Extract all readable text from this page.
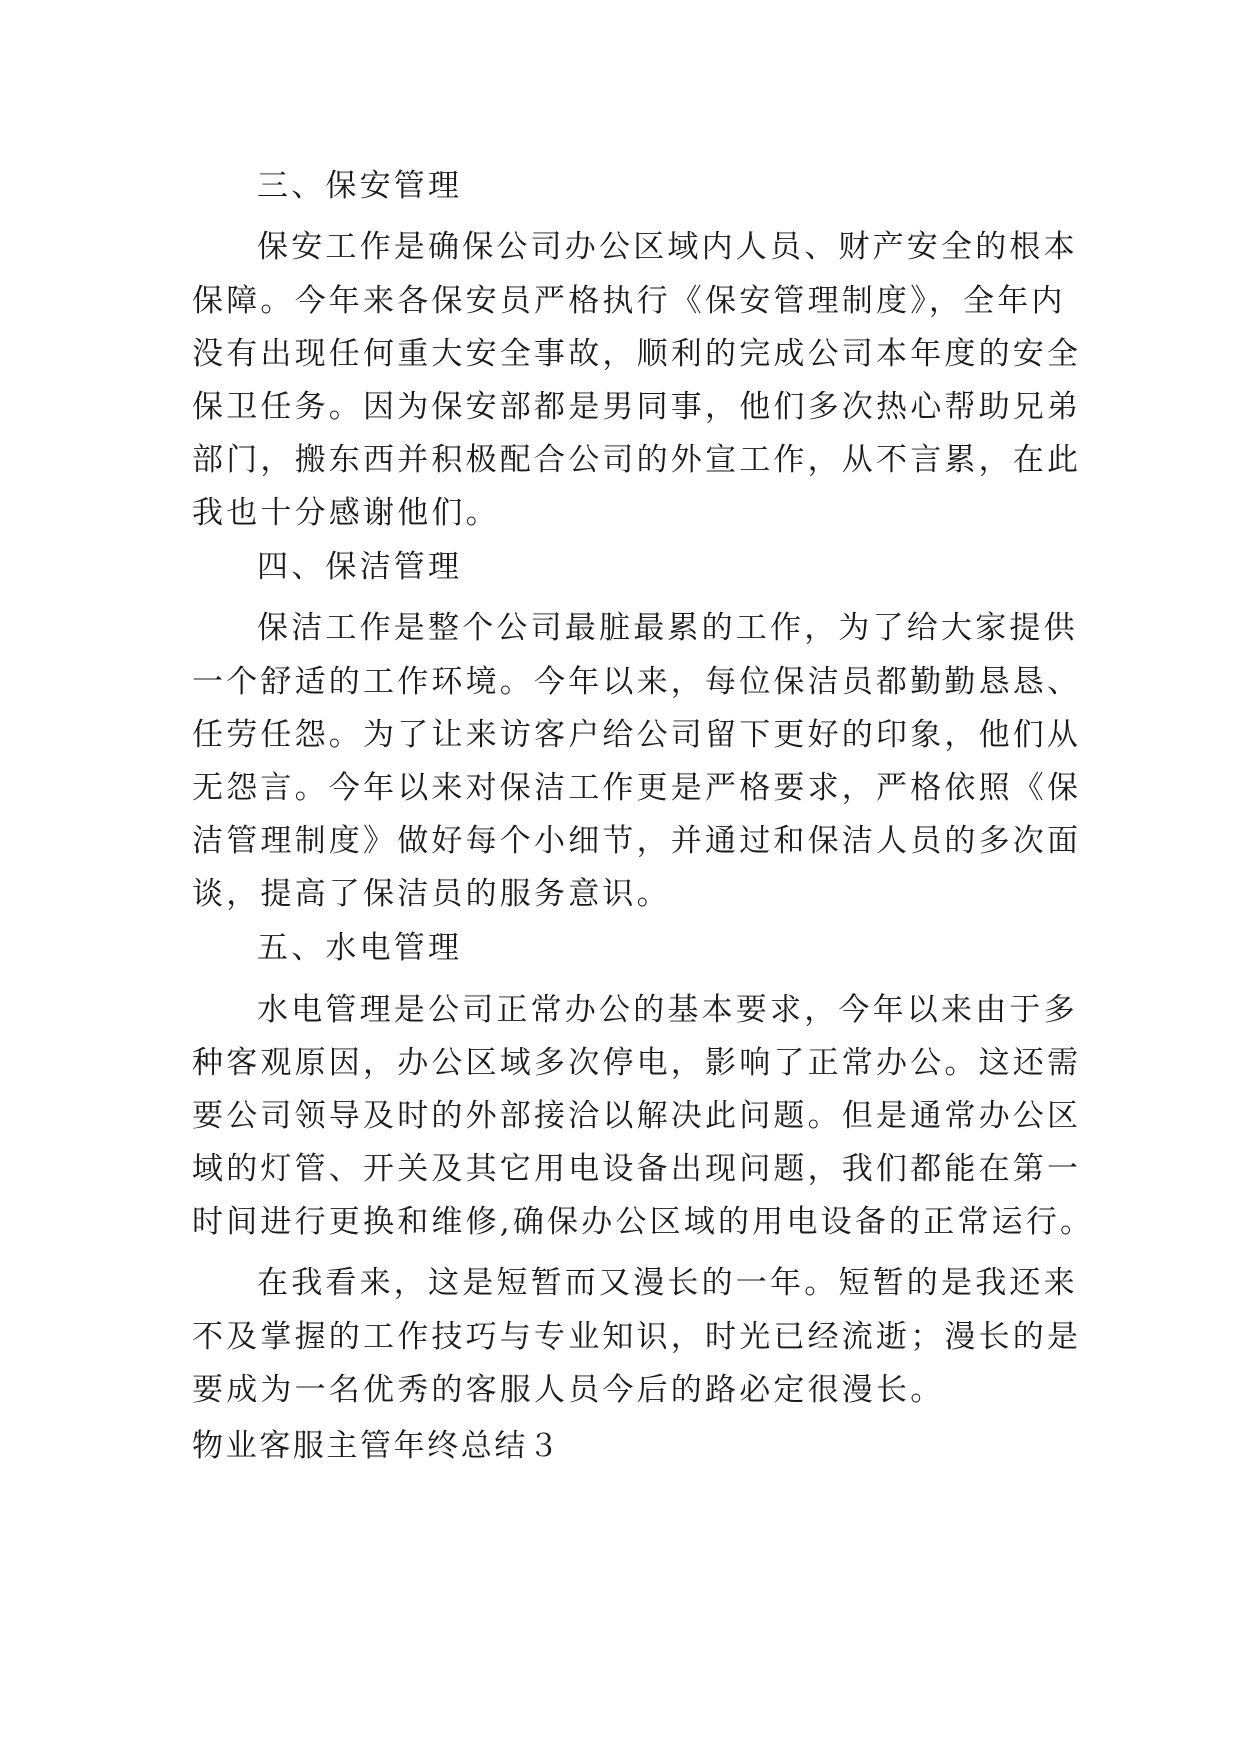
三、保安管理
保安工作是确保公司办公区域内人员、财产安全的根本
保障。今年来各保安员严格执行《保安管理制度》，全年内
没有出现任何重大安全事故，顺利的完成公司本年度的安全
保卫任务。因为保安部都是男同事，他们多次热心帮助兄弟
部门，搬东西并积极配合公司的外宣工作，从不言累，在此
我也十分感谢他们。
四、保洁管理
保洁工作是整个公司最脏最累的工作，为了给大家提供
一个舒适的工作环境。今年以来，每位保洁员都勤勤恳恳、
任劳任怨。为了让来访客户给公司留下更好的印象，他们从
无怨言。今年以来对保洁工作更是严格要求，严格依照《保
洁管理制度》做好每个小细节，并通过和保洁人员的多次面
谈，提高了保洁员的服务意识。
五、水电管理
水电管理是公司正常办公的基本要求，今年以来由于多
种客观原因，办公区域多次停电，影响了正常办公。这还需
要公司领导及时的外部接洽以解决此问题。但是通常办公区
域的灯管、开关及其它用电设备出现问题，我们都能在第一
时间进行更换和维修,确保办公区域的用电设备的正常运行。
在我看来，这是短暂而又漫长的一年。短暂的是我还来
不及掌握的工作技巧与专业知识，时光已经流逝；漫长的是
要成为一名优秀的客服人员今后的路必定很漫长。
物业客服主管年终总结３
